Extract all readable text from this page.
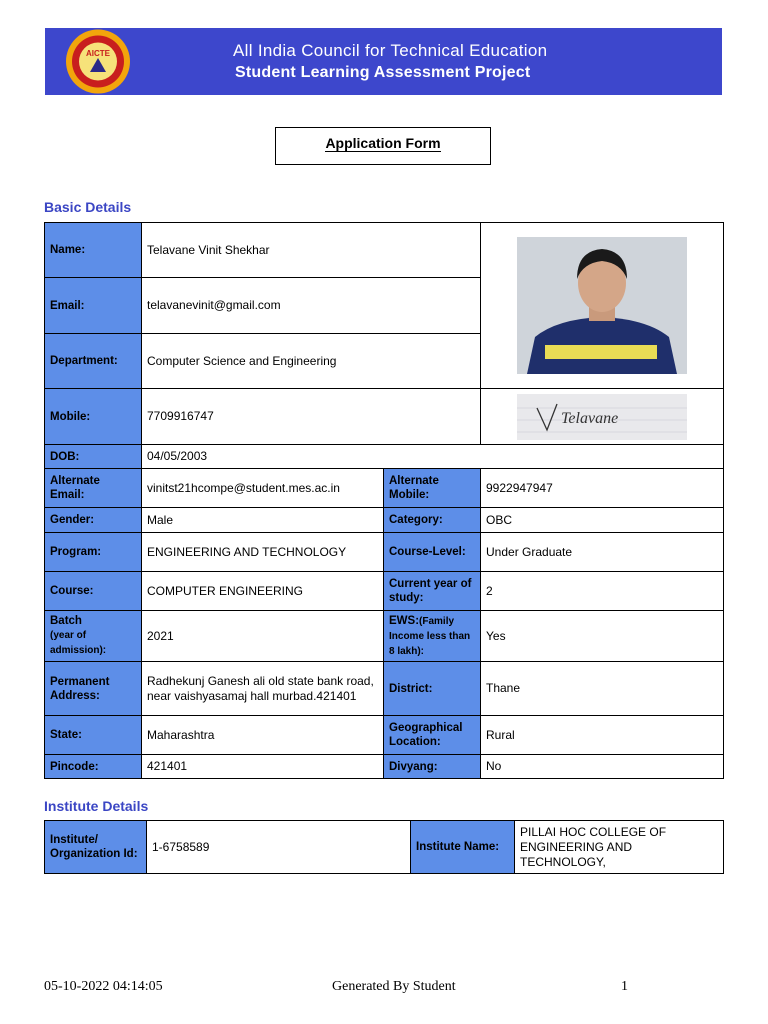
AICTE	All India Council for Technical Education
Student Learning Assessment Project
Application Form
Basic Details
Name:	Telavane Vinit Shekhar	

Email:	telavanevinit@gmail.com		
Department:	Computer Science and Engineering		
Mobile:	7709916747		Telavane

DOB:	04/05/2003		
Alternate Email:	vinitst21hcompe@student.mes.ac.in	Alternate Mobile:	9922947947
Gender:	Male	Category:	OBC
Program:	ENGINEERING AND TECHNOLOGY	Course-Level:	Under Graduate
Course:	COMPUTER ENGINEERING	Current year of study:	2
Batch
(year of admission):	2021	EWS:(Family Income less than 8 lakh):	Yes
Permanent Address:	Radhekunj Ganesh ali old state bank road, near vaishyasamaj hall murbad.421401	District:	Thane
State:	Maharashtra	Geographical Location:	Rural
Pincode:	421401	Divyang:	No
Institute Details
Institute/ Organization Id:	1-6758589	Institute Name:	PILLAI HOC COLLEGE OF ENGINEERING AND TECHNOLOGY,
05-10-2022 04:14:05	Generated By Student	1
